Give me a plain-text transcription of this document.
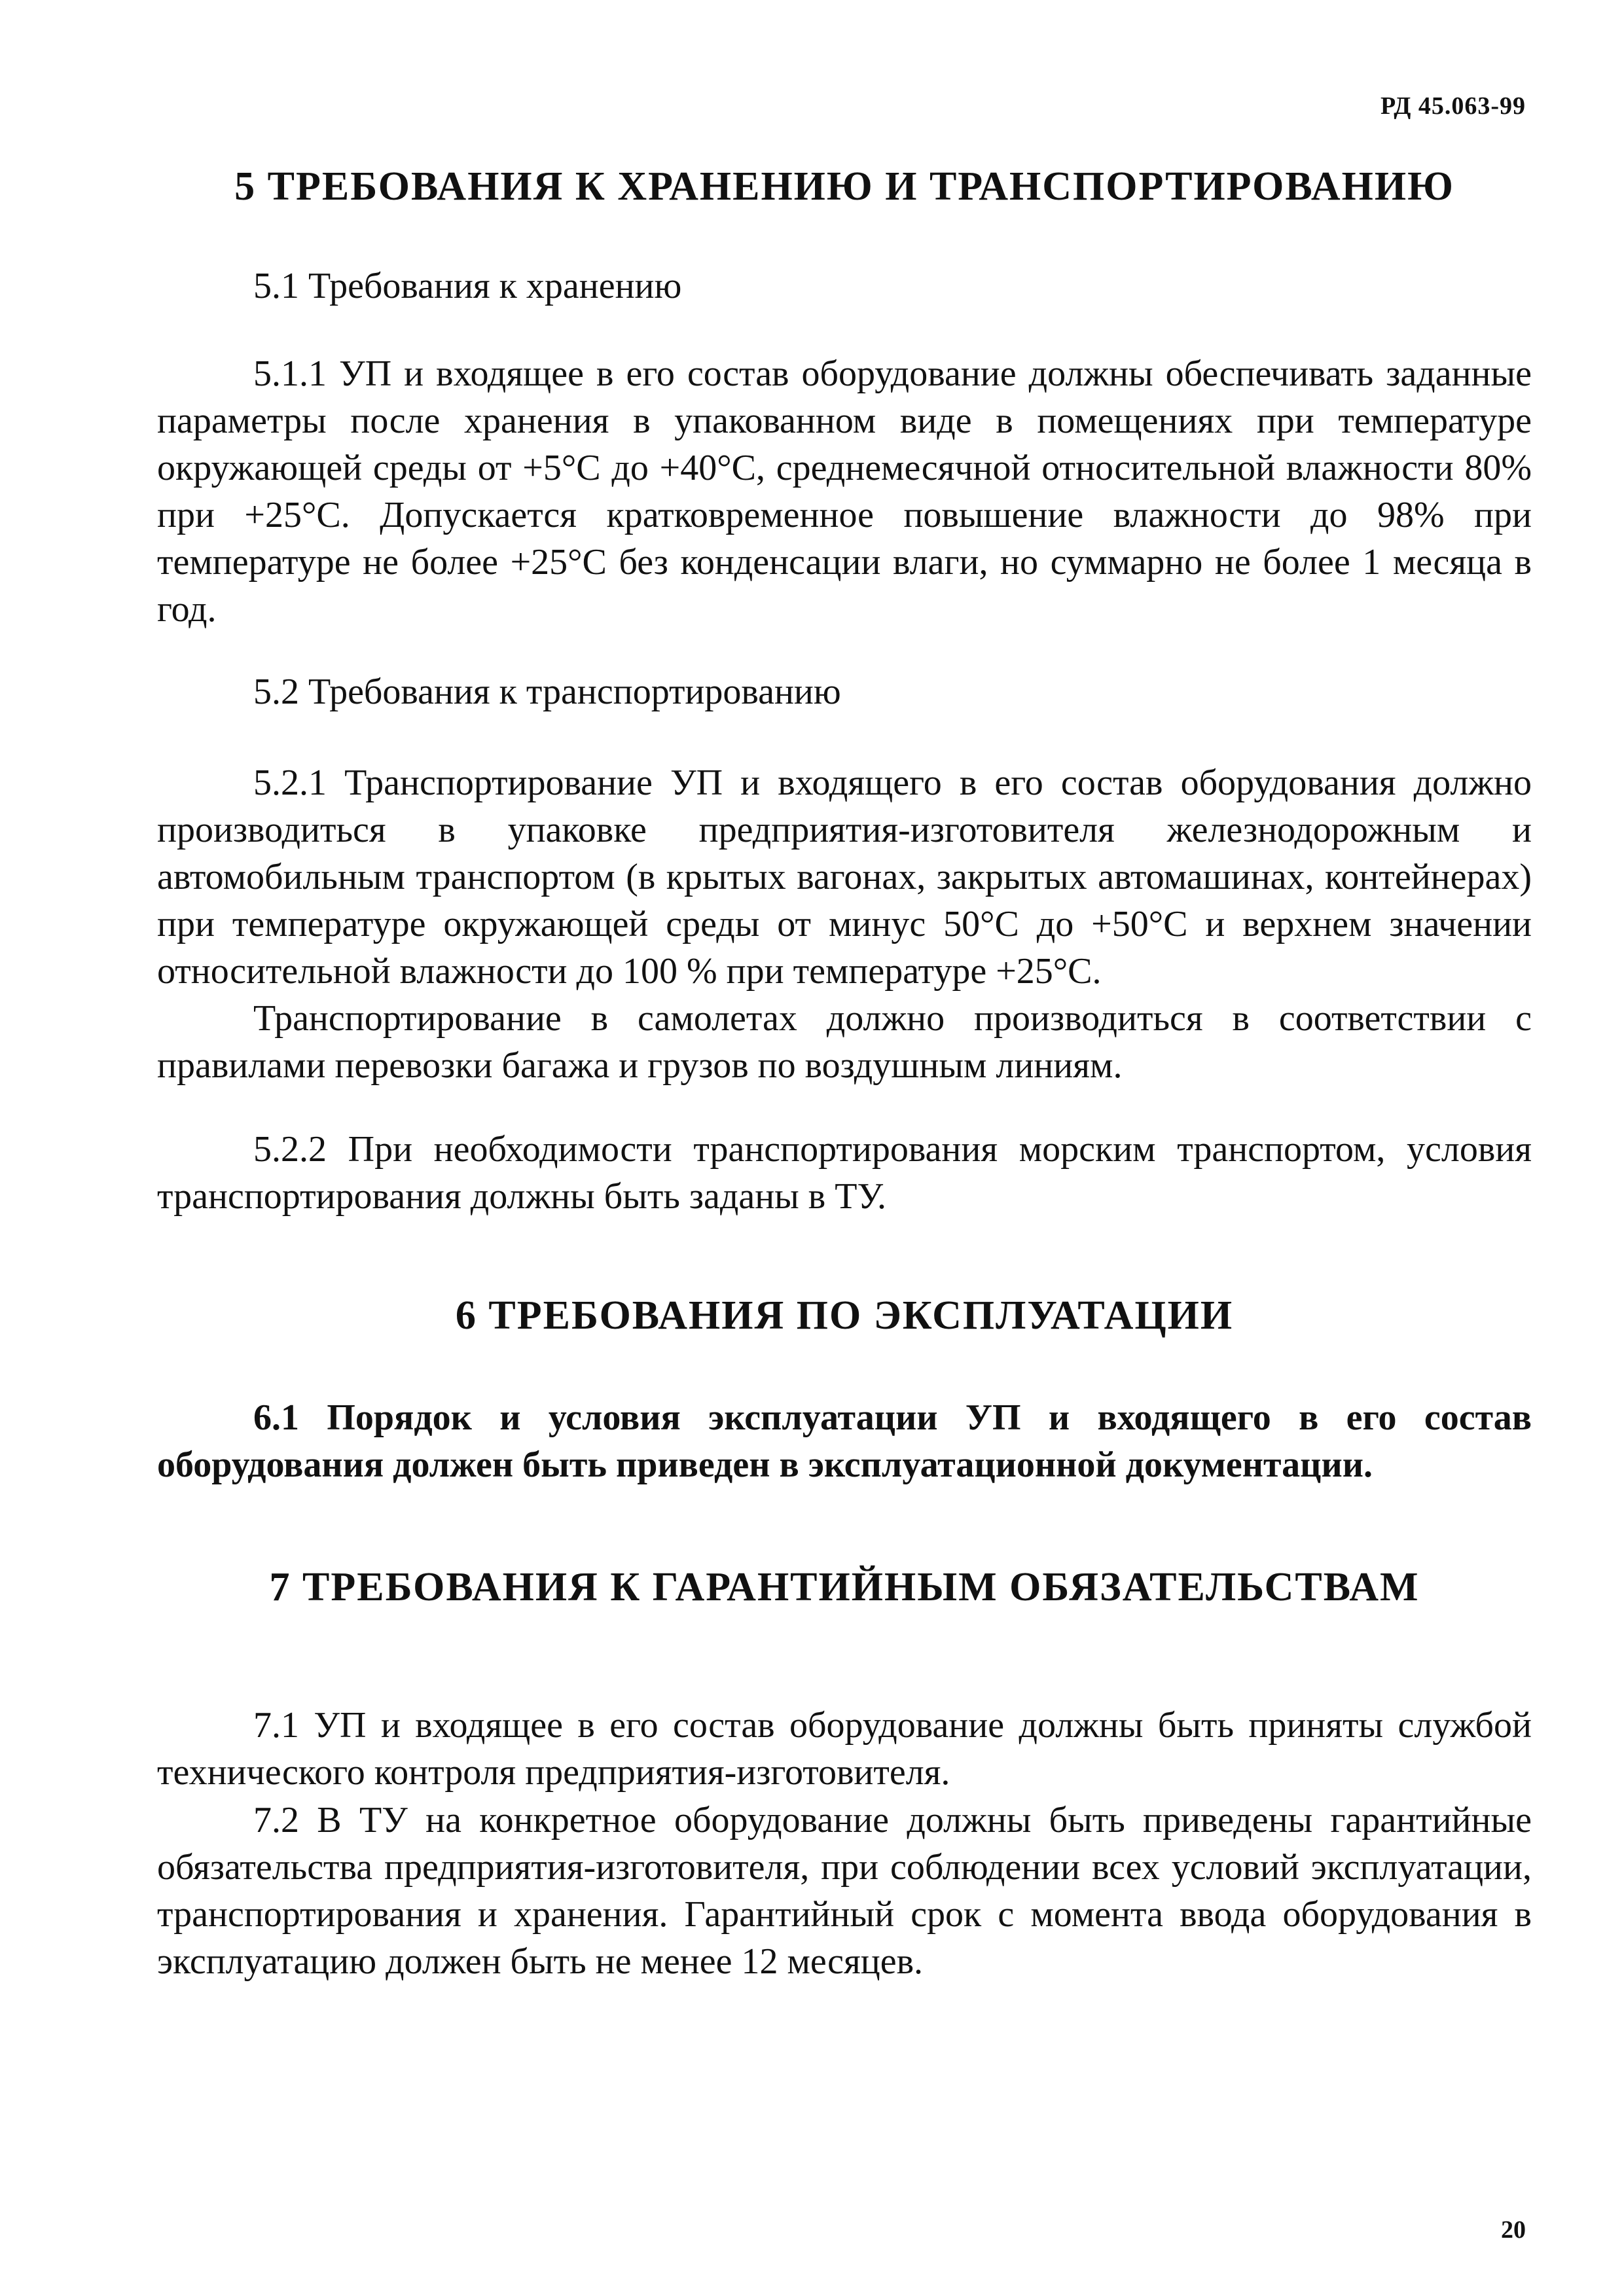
РД 45.063-99
5 ТРЕБОВАНИЯ К ХРАНЕНИЮ И ТРАНСПОРТИРОВАНИЮ
5.1 Требования к хранению
5.1.1 УП и входящее в его состав оборудование должны обеспечивать заданные параметры после хранения в упакованном виде в помещениях при температуре окружающей среды от +5°С до +40°С, среднемесячной относительной влажности 80% при +25°С. Допускается кратковременное повышение влажности до 98% при температуре не более +25°С без конденсации влаги, но суммарно не более 1 месяца в год.
5.2 Требования к транспортированию
5.2.1 Транспортирование УП и входящего в его состав оборудования должно производиться в упаковке предприятия-изготовителя железнодорожным и автомобильным транспортом (в крытых вагонах, закрытых автомашинах, контейнерах) при температуре окружающей среды от минус 50°С до +50°С и верхнем значении относительной влажности до 100 % при температуре +25°С.
Транспортирование в самолетах должно производиться в соответствии с правилами перевозки багажа и грузов по воздушным линиям.
5.2.2 При необходимости транспортирования морским транспортом, условия транспортирования должны быть заданы в ТУ.
6 ТРЕБОВАНИЯ ПО ЭКСПЛУАТАЦИИ
6.1 Порядок и условия эксплуатации УП и входящего в его состав оборудования должен быть приведен в эксплуатационной документации.
7 ТРЕБОВАНИЯ К ГАРАНТИЙНЫМ ОБЯЗАТЕЛЬСТВАМ
7.1 УП и входящее в его состав оборудование должны быть приняты службой технического контроля предприятия-изготовителя.
7.2 В ТУ на конкретное оборудование должны быть приведены гарантийные обязательства предприятия-изготовителя, при соблюдении всех условий эксплуатации, транспортирования и хранения. Гарантийный срок с момента ввода оборудования в эксплуатацию должен быть не менее 12 месяцев.
20
